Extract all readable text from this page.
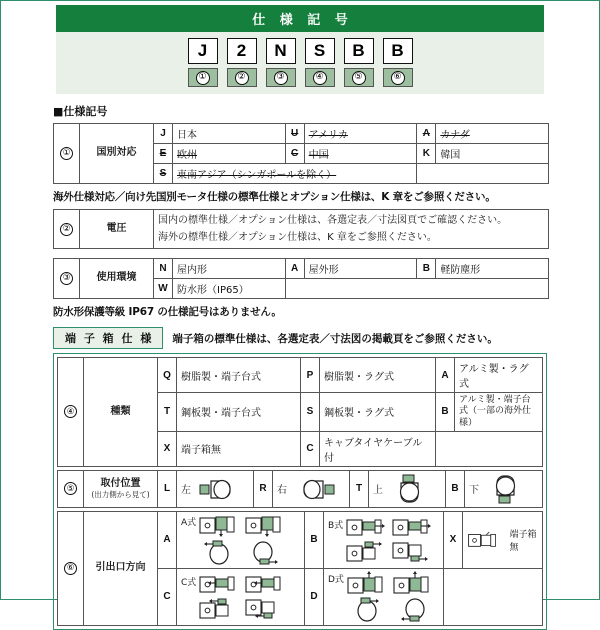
仕 様 記 号
J	2	N	S	B	B
①	②	③	④	⑤	⑥
■仕様記号
①	国別対応	J	日本	U	アメリカ	A	カナダ
		E	欧州	C	中国	K	韓国
		S	東南アジア（シンガポールを除く）				
海外仕様対応／向け先国別モータ仕様の標準仕様とオプション仕様は、K 章をご参照ください。
②	電圧	
国内の標準仕様／オプション仕様は、各選定表／寸法図頁でご確認ください。
海外の標準仕様／オプション仕様は、K 章をご参照ください。
③	使用環境	N	屋内形	A	屋外形	B	軽防塵形
		W	防水形（IP65）				
防水形保護等級 IP67 の仕様記号はありません。
端 子 箱 仕 様	端子箱の標準仕様は、各選定表／寸法図の掲載頁をご参照ください。
④	種類	Q	樹脂製・端子台式	P	樹脂製・ラグ式	A	アルミ製・ラグ式
		T	鋼板製・端子台式	S	鋼板製・ラグ式	B	アルミ製・端子台式（一部の海外仕様）
		X	端子箱無	C	キャブタイヤケーブル付		
⑤	取付位置
(出力側から見て)
	L	左	R	右	T	上	B	下
⑥	引出口方向	A	A式	B	B式	X	端子箱無

		C	C式	D	D式		
